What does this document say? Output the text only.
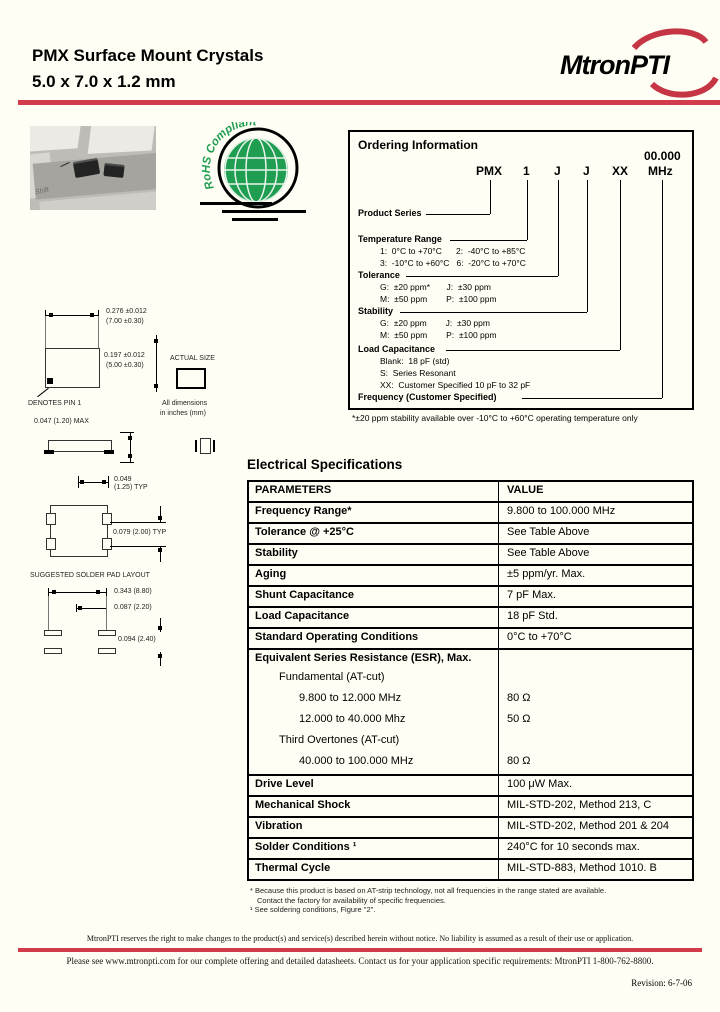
PMX Surface Mount Crystals
5.0 x 7.0 x 1.2 mm
MtronPTI
Shift
RoHS Compliant
0.276 ±0.012
(7.00 ±0.30)
0.197 ±0.012
(5.00 ±0.30)
ACTUAL SIZE
DENOTES PIN 1	All dimensions
in inches (mm)
0.047 (1.20) MAX
0.049 (1.25) TYP
0.079 (2.00) TYP
SUGGESTED SOLDER PAD LAYOUT
0.343 (8.80)
0.087 (2.20)
0.094 (2.40)
Ordering Information
00.000
PMX 1 J J XX MHz
Product Series
Temperature Range
1:  0°C to +70°C      2:  -40°C to +85°C
3:  -10°C to +60°C   6:  -20°C to +70°C
Tolerance
G:  ±20 ppm*       J:  ±30 ppm
M:  ±50 ppm        P:  ±100 ppm
Stability
G:  ±20 ppm        J:  ±30 ppm
M:  ±50 ppm        P:  ±100 ppm
Load Capacitance
Blank:  18 pF (std)
S:  Series Resonant
XX:  Customer Specified 10 pF to 32 pF
Frequency (Customer Specified)
*±20 ppm stability available over -10°C to +60°C operating temperature only
Electrical Specifications
PARAMETERS	VALUE
Frequency Range*	9.800 to 100.000 MHz
Tolerance @ +25°C	See Table Above
Stability	See Table Above
Aging	±5 ppm/yr. Max.
Shunt Capacitance	7 pF Max.
Load Capacitance	18 pF Std.
Standard Operating Conditions	0°C to +70°C
Equivalent Series Resistance (ESR), Max.
Fundamental (AT-cut)
9.800 to 12.000 MHz	80 Ω
12.000 to 40.000 Mhz	50 Ω
Third Overtones (AT-cut)
40.000 to 100.000 MHz	80 Ω
Drive Level	100 μW Max.
Mechanical Shock	MIL-STD-202, Method 213, C
Vibration	MIL-STD-202, Method 201 & 204
Solder Conditions ¹	240°C for 10 seconds max.
Thermal Cycle	MIL-STD-883, Method 1010. B
* Because this product is based on AT-strip technology, not all frequencies in the range stated are available.
Contact the factory for availability of specific frequencies.
¹ See soldering conditions, Figure "2".
MtronPTI reserves the right to make changes to the product(s) and service(s) described herein without notice. No liability is assumed as a result of their use or application.
Please see www.mtronpti.com for our complete offering and detailed datasheets. Contact us for your application specific requirements: MtronPTI 1-800-762-8800.
Revision: 6-7-06
